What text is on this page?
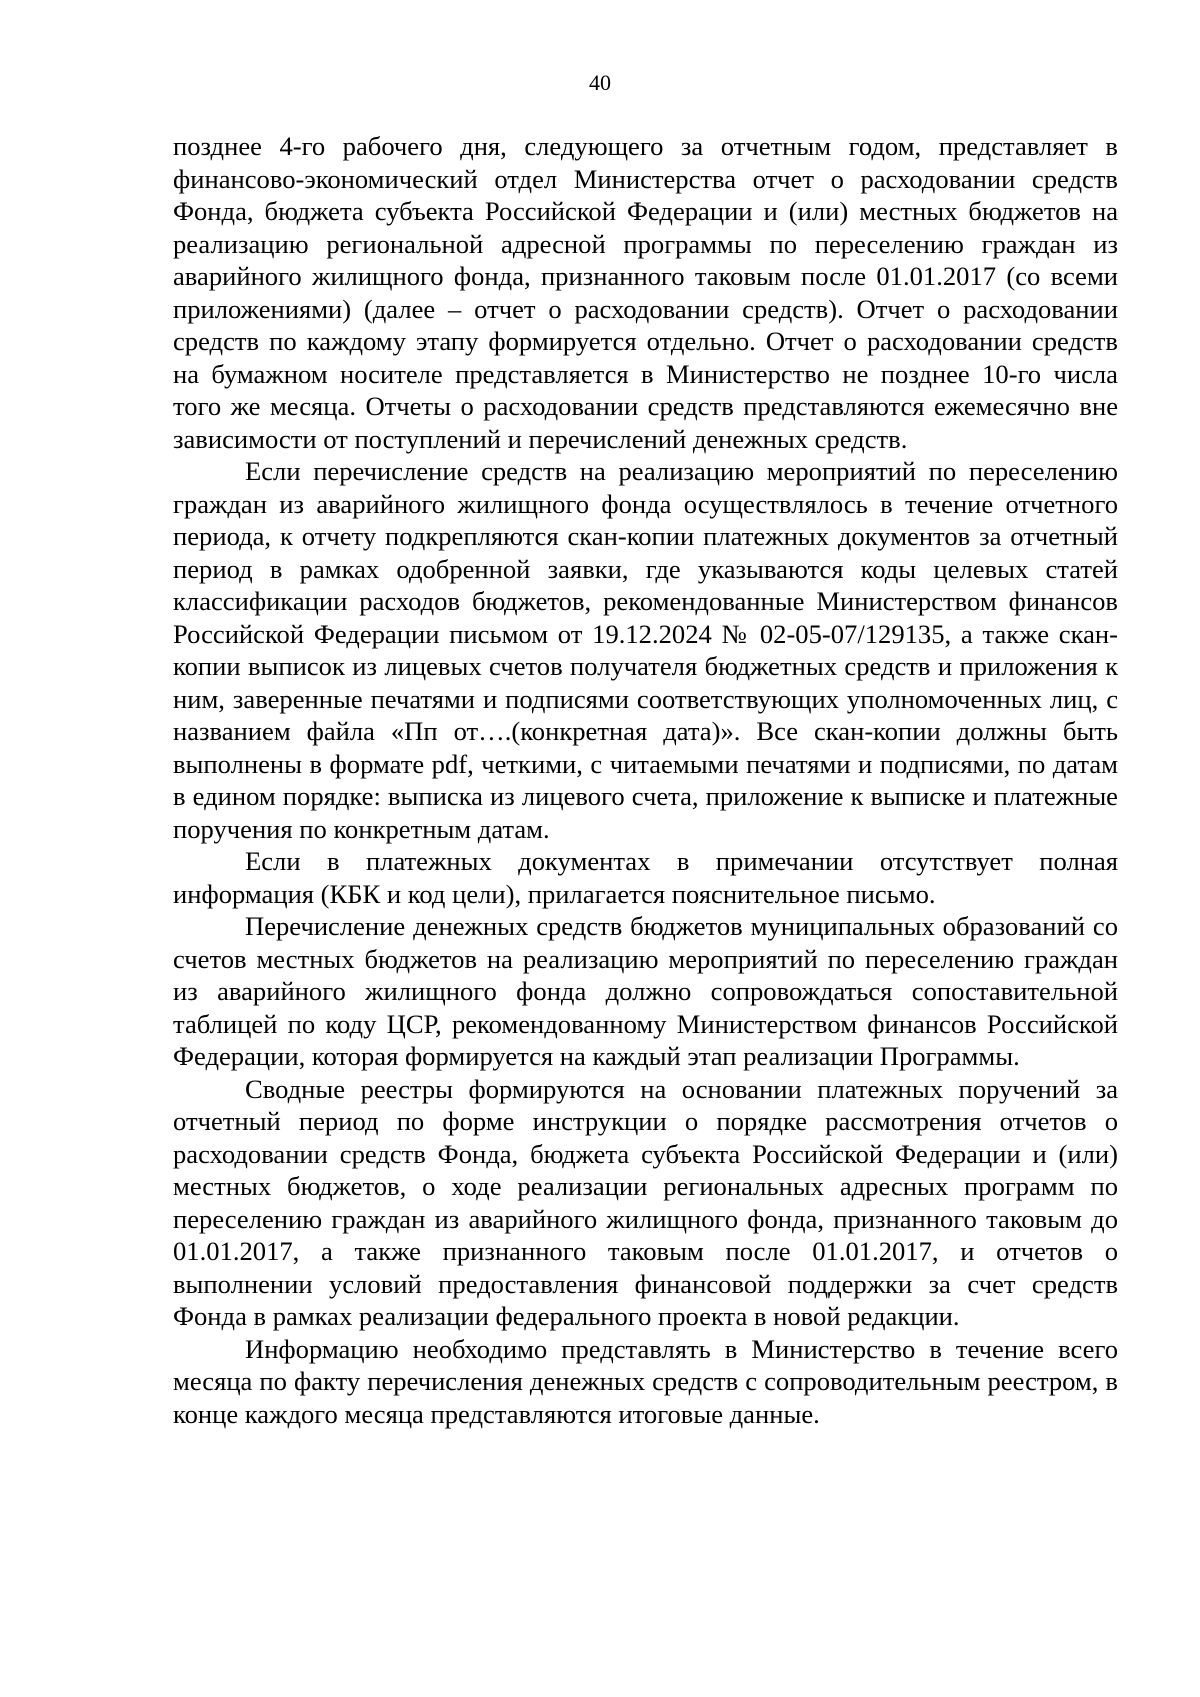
40

позднее 4-го рабочего дня, следующего за отчетным годом, представляет в финансово-экономический отдел Министерства отчет о расходовании средств Фонда, бюджета субъекта Российской Федерации и (или) местных бюджетов на реализацию региональной адресной программы по переселению граждан из аварийного жилищного фонда, признанного таковым после 01.01.2017 (со всеми приложениями) (далее – отчет о расходовании средств). Отчет о расходовании средств по каждому этапу формируется отдельно. Отчет о расходовании средств на бумажном носителе представляется в Министерство не позднее 10-го числа того же месяца. Отчеты о расходовании средств представляются ежемесячно вне зависимости от поступлений и перечислений денежных средств.

Если перечисление средств на реализацию мероприятий по переселению граждан из аварийного жилищного фонда осуществлялось в течение отчетного периода, к отчету подкрепляются скан-копии платежных документов за отчетный период в рамках одобренной заявки, где указываются коды целевых статей классификации расходов бюджетов, рекомендованные Министерством финансов Российской Федерации письмом от 19.12.2024 № 02-05-07/129135, а также скан-копии выписок из лицевых счетов получателя бюджетных средств и приложения к ним, заверенные печатями и подписями соответствующих уполномоченных лиц, с названием файла «Пп от….(конкретная дата)». Все скан-копии должны быть выполнены в формате pdf, четкими, с читаемыми печатями и подписями, по датам в едином порядке: выписка из лицевого счета, приложение к выписке и платежные поручения по конкретным датам.

Если в платежных документах в примечании отсутствует полная информация (КБК и код цели), прилагается пояснительное письмо.

Перечисление денежных средств бюджетов муниципальных образований со счетов местных бюджетов на реализацию мероприятий по переселению граждан из аварийного жилищного фонда должно сопровождаться сопоставительной таблицей по коду ЦСР, рекомендованному Министерством финансов Российской Федерации, которая формируется на каждый этап реализации Программы.

Сводные реестры формируются на основании платежных поручений за отчетный период по форме инструкции о порядке рассмотрения отчетов о расходовании средств Фонда, бюджета субъекта Российской Федерации и (или) местных бюджетов, о ходе реализации региональных адресных программ по переселению граждан из аварийного жилищного фонда, признанного таковым до 01.01.2017, а также признанного таковым после 01.01.2017, и отчетов о выполнении условий предоставления финансовой поддержки за счет средств Фонда в рамках реализации федерального проекта в новой редакции.

Информацию необходимо представлять в Министерство в течение всего месяца по факту перечисления денежных средств с сопроводительным реестром, в конце каждого месяца представляются итоговые данные.
